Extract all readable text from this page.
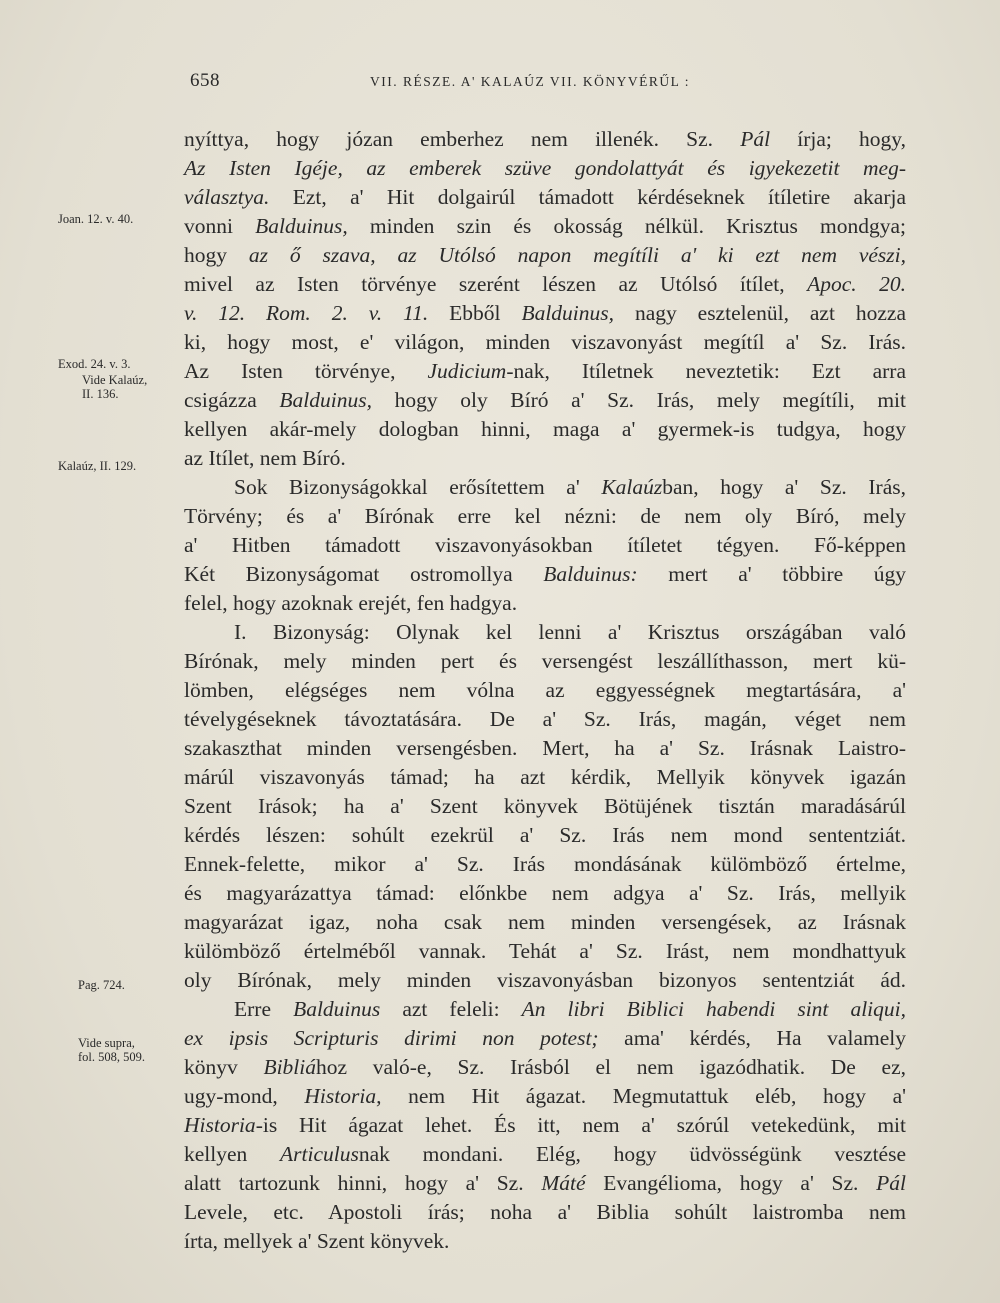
658	VII. RÉSZE. A' KALAÚZ VII. KÖNYVÉRŰL :
nyíttya, hogy józan emberhez nem illenék. Sz. Pál írja; hogy,
Az Isten Igéje, az emberek szüve gondolattyát és igyekezetit meg-
választya. Ezt, a' Hit dolgairúl támadott kérdéseknek ítíletire akarja
vonni Balduinus, minden szin és okosság nélkül. Krisztus mondgya;
hogy az ő szava, az Utólsó napon megítíli a' ki ezt nem vészi,
mivel az Isten törvénye szerént lészen az Utólsó ítílet, Apoc. 20.
v. 12. Rom. 2. v. 11. Ebből Balduinus, nagy esztelenül, azt hozza
ki, hogy most, e' világon, minden viszavonyást megítíl a' Sz. Irás.
Az Isten törvénye, Judicium-nak, Itíletnek neveztetik: Ezt arra
csigázza Balduinus, hogy oly Bíró a' Sz. Irás, mely megítíli, mit
kellyen akár-mely dologban hinni, maga a' gyermek-is tudgya, hogy
az Itílet, nem Bíró.
Sok Bizonyságokkal erősítettem a' Kalaúzban, hogy a' Sz. Irás,
Törvény; és a' Bírónak erre kel nézni: de nem oly Bíró, mely
a' Hitben támadott viszavonyásokban ítíletet tégyen. Fő-képpen
Két Bizonyságomat ostromollya Balduinus: mert a' többire úgy
felel, hogy azoknak erejét, fen hadgya.
I. Bizonyság: Olynak kel lenni a' Krisztus országában való
Bírónak, mely minden pert és versengést leszállíthasson, mert kü-
lömben, elégséges nem vólna az eggyességnek megtartására, a'
tévelygéseknek távoztatására. De a' Sz. Irás, magán, véget nem
szakaszthat minden versengésben. Mert, ha a' Sz. Irásnak Laistro-
márúl viszavonyás támad; ha azt kérdik, Mellyik könyvek igazán
Szent Irások; ha a' Szent könyvek Bötüjének tisztán maradásárúl
kérdés lészen: sohúlt ezekrül a' Sz. Irás nem mond sententziát.
Ennek-felette, mikor a' Sz. Irás mondásának külömböző értelme,
és magyarázattya támad: előnkbe nem adgya a' Sz. Irás, mellyik
magyarázat igaz, noha csak nem minden versengések, az Irásnak
külömböző értelméből vannak. Tehát a' Sz. Irást, nem mondhattyuk
oly Bírónak, mely minden viszavonyásban bizonyos sententziát ád.
Erre Balduinus azt feleli: An libri Biblici habendi sint aliqui,
ex ipsis Scripturis dirimi non potest; ama' kérdés, Ha valamely
könyv Bibliához való-e, Sz. Irásból el nem igazódhatik. De ez,
ugy-mond, Historia, nem Hit ágazat. Megmutattuk eléb, hogy a'
Historia-is Hit ágazat lehet. És itt, nem a' szórúl vetekedünk, mit
kellyen Articulusnak mondani. Elég, hogy üdvösségünk vesztése
alatt tartozunk hinni, hogy a' Sz. Máté Evangélioma, hogy a' Sz. Pál
Levele, etc. Apostoli írás; noha a' Biblia sohúlt laistromba nem
írta, mellyek a' Szent könyvek.
Joan. 12. v. 40.
Exod. 24. v. 3.
Vide Kalaúz,
II. 136.
Kalaúz, II. 129.
Pag. 724.
Vide supra,
fol. 508, 509.
